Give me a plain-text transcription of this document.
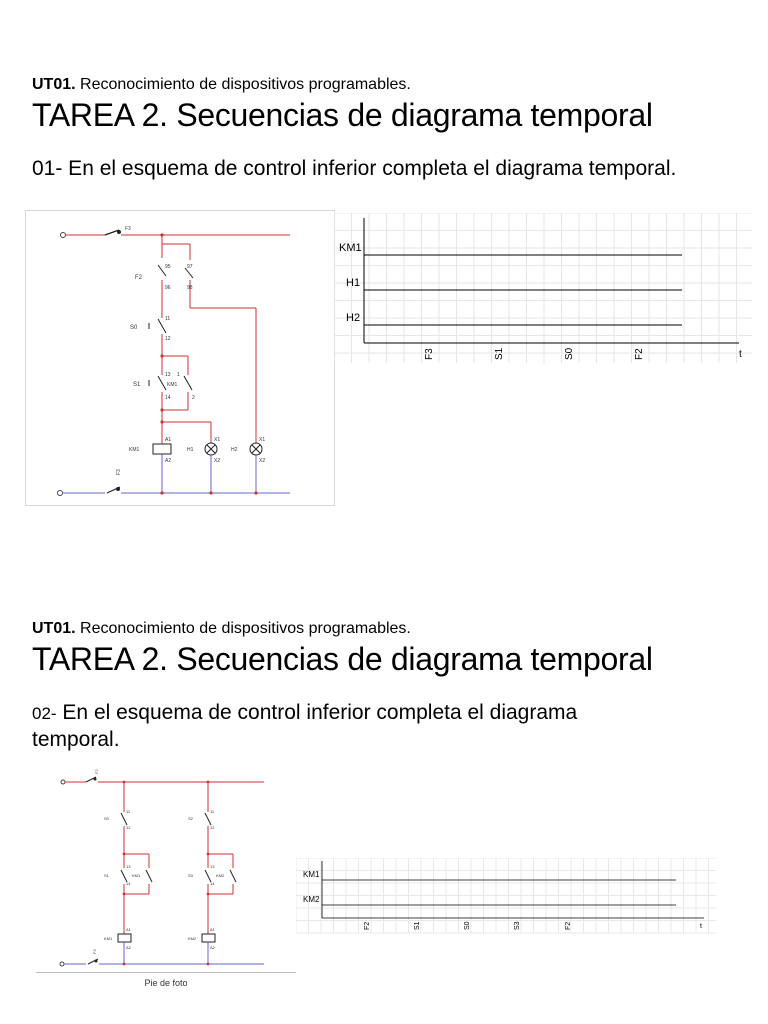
UT01. Reconocimiento de dispositivos programables.
TAREA 2. Secuencias de diagrama temporal
01- En el esquema de control inferior completa el diagrama temporal.
F3
F2
95	97
96	98
S0
11
12
13 1
S1	KM1
14	2
A1
A2
KM1	H1
X1
X2
H2
X1
X2
F3
KM1
H1
H2
F3	S1	S0	F2	t
UT01. Reconocimiento de dispositivos programables.
TAREA 2. Secuencias de diagrama temporal
02- En el esquema de control inferior completa el diagrama temporal.
F2
S0
11
12
S1	KM1
13
14
KM1
A1
A2
S2
11
12
S3	KM2
13
14
KM2
A1
A2
F2
Pie de foto
KM1
KM2
F2	S1	S0	S3	F2	t
